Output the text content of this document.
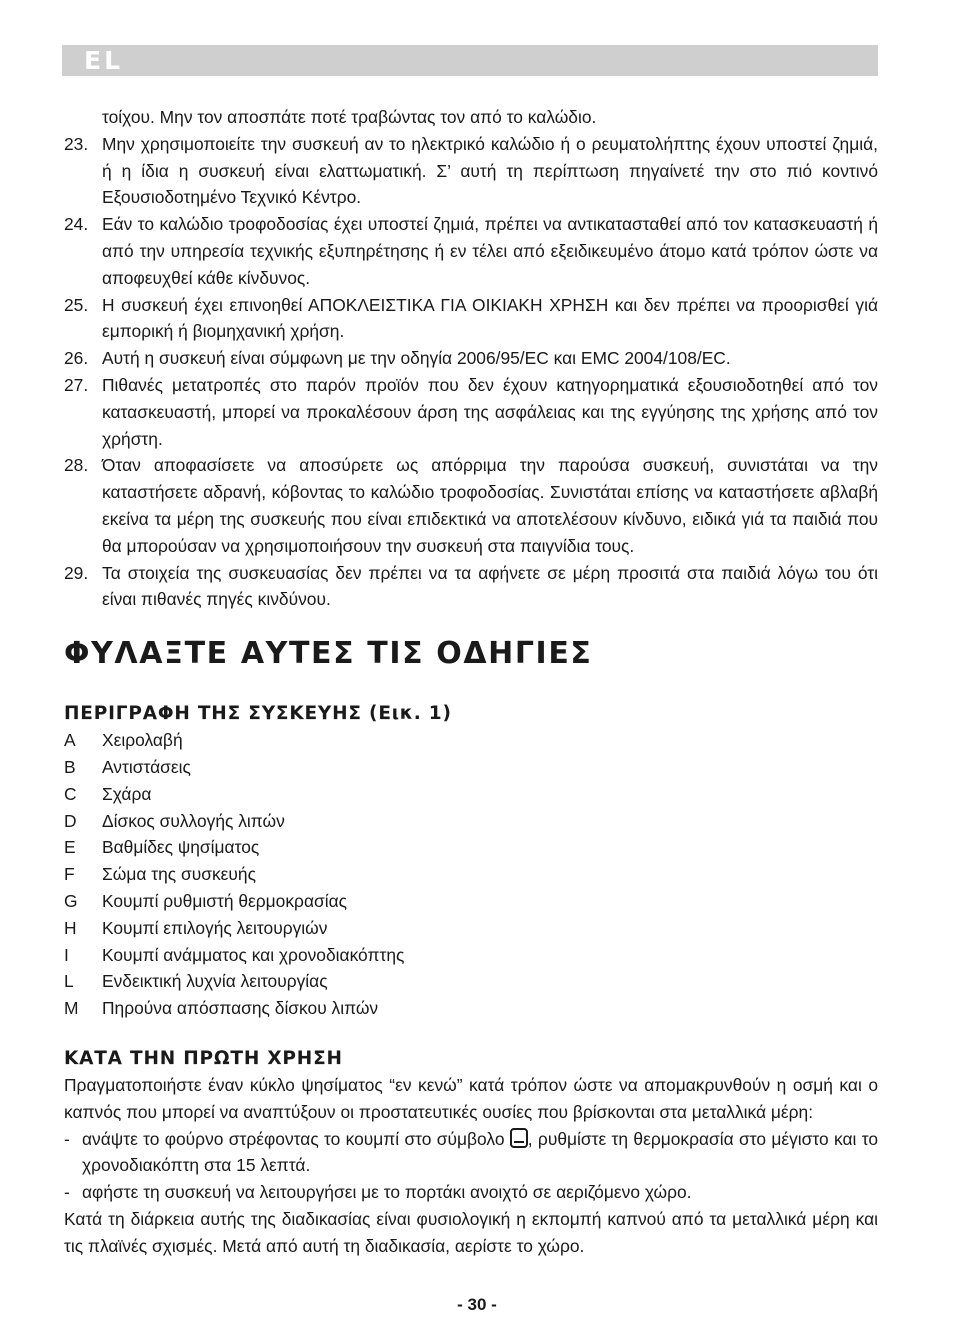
EL
τοίχου. Μην τον αποσπάτε ποτέ τραβώντας τον από το καλώδιο.
23. Μην χρησιμοποιείτε την συσκευή αν το ηλεκτρικό καλώδιο ή ο ρευματολήπτης έχουν υποστεί ζημιά, ή η ίδια η συσκευή είναι ελαττωματική. Σ’ αυτή τη περίπτωση πηγαίνετέ την στο πιό κοντινό Εξουσιοδοτημένο Τεχνικό Κέντρο.
24. Εάν το καλώδιο τροφοδοσίας έχει υποστεί ζημιά, πρέπει να αντικατασταθεί από τον κατασκευαστή ή από την υπηρεσία τεχνικής εξυπηρέτησης ή εν τέλει από εξειδικευμένο άτομο κατά τρόπον ώστε να αποφευχθεί κάθε κίνδυνος.
25. Η συσκευή έχει επινοηθεί ΑΠΟΚΛΕΙΣΤΙΚΑ ΓΙΑ ΟΙΚΙΑΚΗ ΧΡΗΣΗ και δεν πρέπει να προορισθεί γιά εμπορική ή βιομηχανική χρήση.
26. Αυτή η συσκευή είναι σύμφωνη με την οδηγία 2006/95/EC και EMC 2004/108/EC.
27. Πιθανές μετατροπές στο παρόν προϊόν που δεν έχουν κατηγορηματικά εξουσιοδοτηθεί από τον κατασκευαστή, μπορεί να προκαλέσουν άρση της ασφάλειας και της εγγύησης της χρήσης από τον χρήστη.
28. Όταν αποφασίσετε να αποσύρετε ως απόρριμα την παρούσα συσκευή, συνιστάται να την καταστήσετε αδρανή, κόβοντας το καλώδιο τροφοδοσίας. Συνιστάται επίσης να καταστήσετε αβλαβή εκείνα τα μέρη της συσκευής που είναι επιδεκτικά να αποτελέσουν κίνδυνο, ειδικά γιά τα παιδιά που θα μπορούσαν να χρησιμοποιήσουν την συσκευή στα παιγνίδια τους.
29. Τα στοιχεία της συσκευασίας δεν πρέπει να τα αφήνετε σε μέρη προσιτά στα παιδιά λόγω του ότι είναι πιθανές πηγές κινδύνου.
ΦΥΛΑΞΤΕ ΑΥΤΕΣ ΤΙΣ ΟΔΗΓΙΕΣ
ΠΕΡΙΓΡΑΦΗ ΤΗΣ ΣΥΣΚΕΥΗΣ (Εικ. 1)
A Χειρολαβή
B Αντιστάσεις
C Σχάρα
D Δίσκος συλλογής λιπών
E Βαθμίδες ψησίματος
F Σώμα της συσκευής
G Κουμπί ρυθμιστή θερμοκρασίας
H Κουμπί επιλογής λειτουργιών
I Κουμπί ανάμματος και χρονοδιακόπτης
L Ενδεικτική λυχνία λειτουργίας
M Πηρούνα απόσπασης δίσκου λιπών
ΚΑΤΑ ΤΗΝ ΠΡΩΤΗ ΧΡΗΣΗ
Πραγματοποιήστε έναν κύκλο ψησίματος “εν κενώ” κατά τρόπον ώστε να απομακρυνθούν η οσμή και ο καπνός που μπορεί να αναπτύξουν οι προστατευτικές ουσίες που βρίσκονται στα μεταλλικά μέρη:
- ανάψτε το φούρνο στρέφοντας το κουμπί στο σύμβολο , ρυθμίστε τη θερμοκρασία στο μέγιστο και το χρονοδιακόπτη στα 15 λεπτά.
- αφήστε τη συσκευή να λειτουργήσει με το πορτάκι ανοιχτό σε αεριζόμενο χώρο.
Κατά τη διάρκεια αυτής της διαδικασίας είναι φυσιολογική η εκπομπή καπνού από τα μεταλλικά μέρη και τις πλαϊνές σχισμές. Μετά από αυτή τη διαδικασία, αερίστε το χώρο.
- 30 -
